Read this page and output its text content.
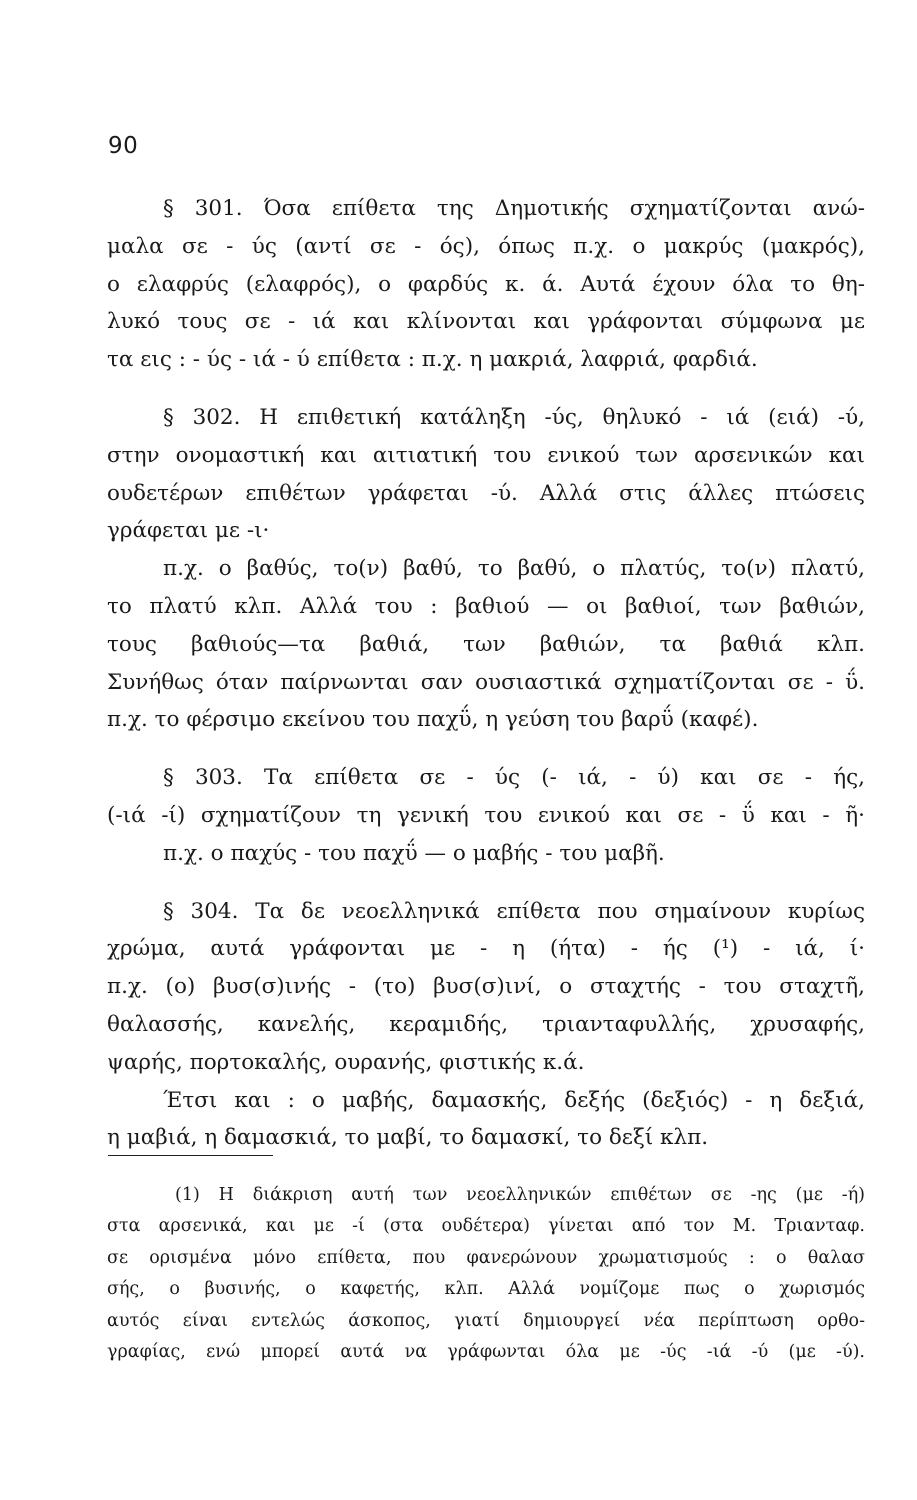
90
§ 301. Όσα επίθετα της Δημοτικής σχηματίζονται ανώ-
μαλα σε - ύς (αντί σε - ός), όπως π.χ. ο μακρύς (μακρός),
ο ελαφρύς (ελαφρός), ο φαρδύς κ. ά. Αυτά έχουν όλα το θη-
λυκό τους σε - ιά και κλίνονται και γράφονται σύμφωνα με
τα εις : - ύς - ιά - ύ επίθετα : π.χ. η μακριά, λαφριά, φαρδιά.
§ 302. Η επιθετική κατάληξη -ύς, θηλυκό - ιά (ειά) -ύ,
στην ονομαστική και αιτιατική του ενικού των αρσενικών και
ουδετέρων επιθέτων γράφεται -ύ. Αλλά στις άλλες πτώσεις
γράφεται με -ι·
π.χ. ο βαθύς, το(ν) βαθύ, το βαθύ, ο πλατύς, το(ν) πλατύ,
το πλατύ κλπ. Αλλά του : βαθιού — οι βαθιοί, των βαθιών,
τους βαθιούς—τα βαθιά, των βαθιών, τα βαθιά κλπ.
Συνήθως όταν παίρνωνται σαν ουσιαστικά σχηματίζονται σε - ΰ.
π.χ. το φέρσιμο εκείνου του παχΰ, η γεύση του βαρΰ (καφέ).
§ 303. Τα επίθετα σε - ύς (- ιά, - ύ) και σε - ής,
(-ιά -ί) σχηματίζουν τη γενική του ενικού και σε - ΰ και - ῆ·
π.χ. ο παχύς - του παχΰ — ο μαβής - του μαβῆ.
§ 304. Τα δε νεοελληνικά επίθετα που σημαίνουν κυρίως
χρώμα, αυτά γράφονται με - η (ήτα) - ής (¹) - ιά, ί·
π.χ. (ο) βυσ(σ)ινής - (το) βυσ(σ)ινί, ο σταχτής - του σταχτῆ,
θαλασσής, κανελής, κεραμιδής, τριανταφυλλής, χρυσαφής,
ψαρής, πορτοκαλής, ουρανής, φιστικής κ.ά.
Έτσι και : ο μαβής, δαμασκής, δεξής (δεξιός) - η δεξιά,
η μαβιά, η δαμασκιά, το μαβί, το δαμασκί, το δεξί κλπ.
(1) Η διάκριση αυτή των νεοελληνικών επιθέτων σε -ης (με -ή)
στα αρσενικά, και με -ί (στα ουδέτερα) γίνεται από τον Μ. Τριανταφ.
σε ορισμένα μόνο επίθετα, που φανερώνουν χρωματισμούς : ο θαλασ
σής, ο βυσινής, ο καφετής, κλπ. Αλλά νομίζομε πως ο χωρισμός
αυτός είναι εντελώς άσκοπος, γιατί δημιουργεί νέα περίπτωση ορθο-
γραφίας, ενώ μπορεί αυτά να γράφωνται όλα με -ύς -ιά -ύ (με -ύ).
